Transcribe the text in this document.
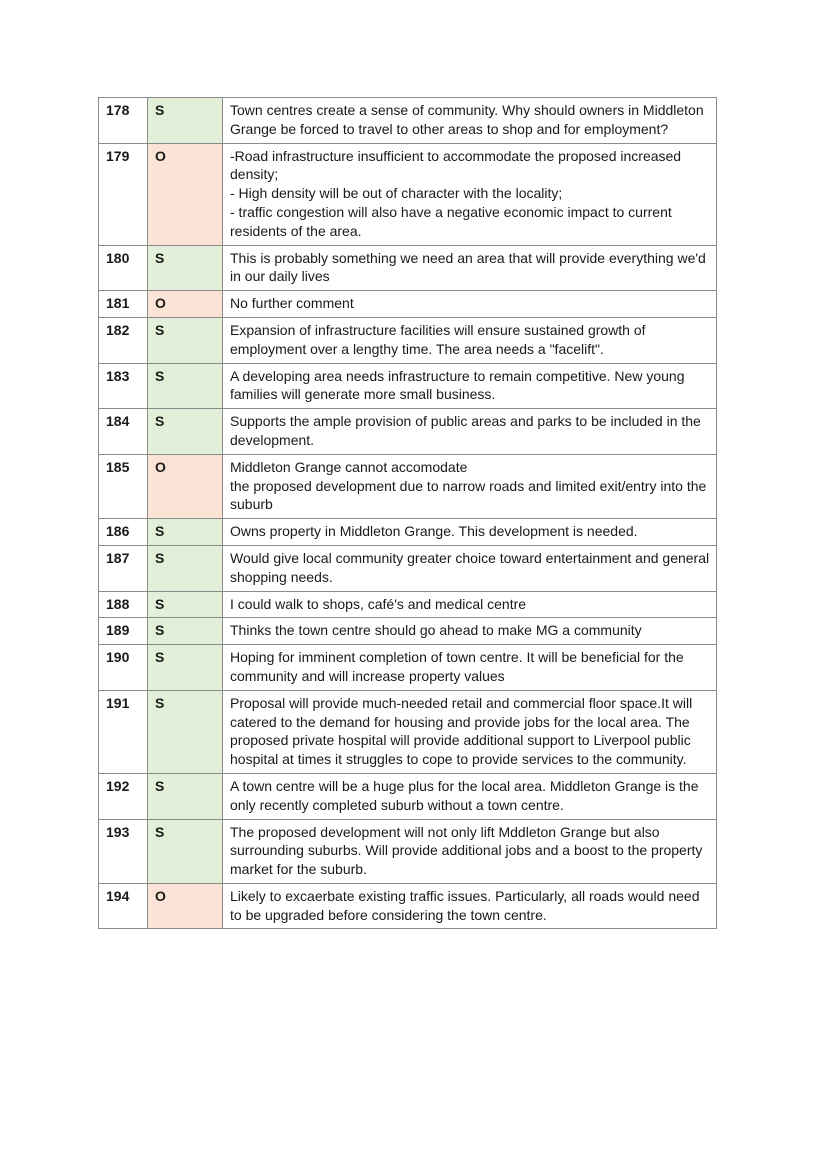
178	S	Town centres create a sense of community. Why should owners in Middleton Grange be forced to travel to other areas to shop and for employment?
179	O	-Road infrastructure insufficient to accommodate the proposed increased density;
- High density will be out of character with the locality;
- traffic congestion will also have a negative economic impact to current residents of the area.
180	S	This is probably something we need an area that will provide everything we'd in our daily lives
181	O	No further comment
182	S	Expansion of infrastructure facilities will ensure sustained growth of employment over a lengthy time. The area needs a "facelift".
183	S	A developing area needs infrastructure to remain competitive. New young families will generate more small business.
184	S	Supports the ample provision of public areas and parks to be included in the development.
185	O	Middleton Grange cannot accomodate
the proposed development due to narrow roads and limited exit/entry into the suburb
186	S	Owns property in Middleton Grange. This development is needed.
187	S	Would give local community greater choice toward entertainment and general shopping needs.
188	S	I could walk to shops, café's and medical centre
189	S	Thinks the town centre should go ahead to make MG a community
190	S	Hoping for imminent completion of town centre. It will be beneficial for the community and will increase property values
191	S	Proposal will provide much-needed retail and commercial floor space.It will catered to the demand for housing and provide jobs for the local area. The proposed private hospital will provide additional support to Liverpool public hospital at times it struggles to cope to provide services to the community.
192	S	A town centre will be a huge plus for the local area. Middleton Grange is the only recently completed suburb without a town centre.
193	S	The proposed development will not only lift Mddleton Grange but also surrounding suburbs. Will provide additional jobs and a boost to the property market for the suburb.
194	O	Likely to excaerbate existing traffic issues. Particularly, all roads would need to be upgraded before considering the town centre.
